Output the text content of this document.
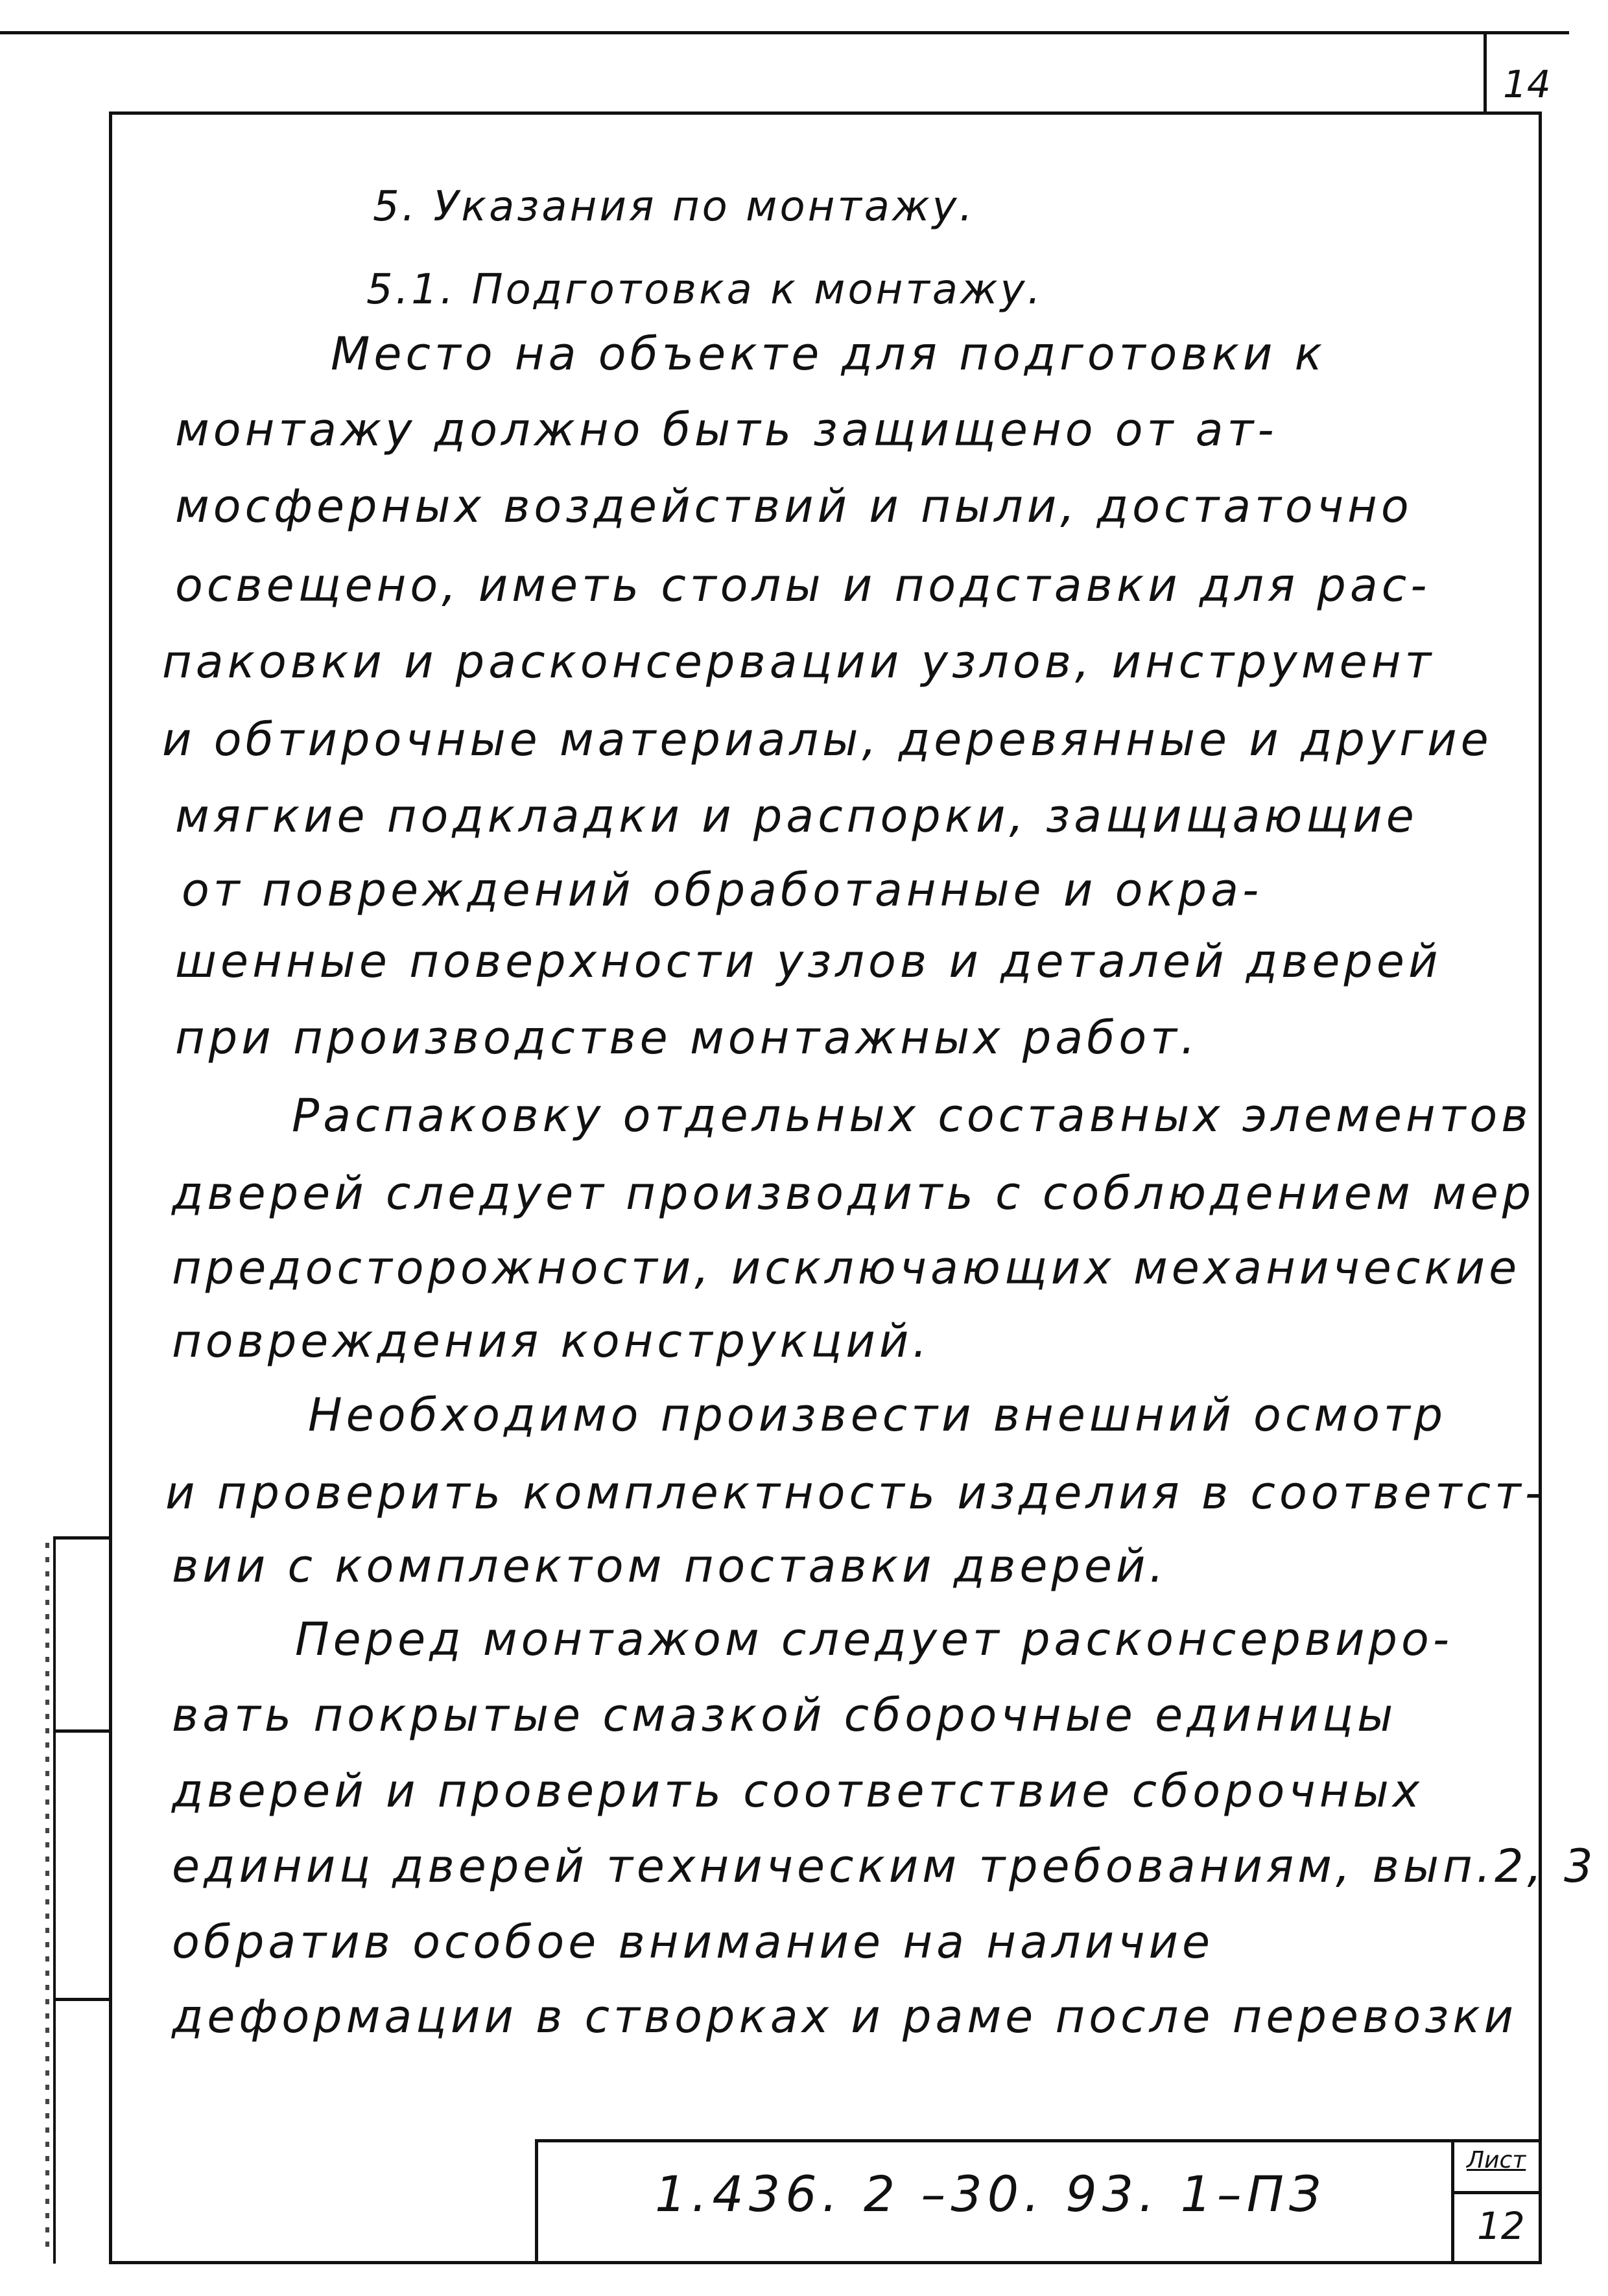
14
5. Указания по монтажу.
5.1. Подготовка к монтажу.
Место на объекте для подготовки к
монтажу должно быть защищено от ат-
мосферных воздействий и пыли, достаточно
освещено, иметь столы и подставки для рас-
паковки и расконсервации узлов, инструмент
и обтирочные материалы, деревянные и другие
мягкие подкладки и распорки, защищающие
от повреждений обработанные и окра-
шенные поверхности узлов и деталей дверей
при производстве монтажных работ.
Распаковку отдельных составных элементов
дверей следует производить с соблюдением мер
предосторожности, исключающих механические
повреждения конструкций.
Необходимо произвести внешний осмотр
и проверить комплектность изделия в соответст-
вии с комплектом поставки дверей.
Перед монтажом следует расконсервиро-
вать покрытые смазкой сборочные единицы
дверей и проверить соответствие сборочных
единиц дверей техническим требованиям, вып.2, 3
обратив особое внимание на наличие
деформации в створках и раме после перевозки
1.436. 2 –30. 93. 1–ПЗ
Лист
12
